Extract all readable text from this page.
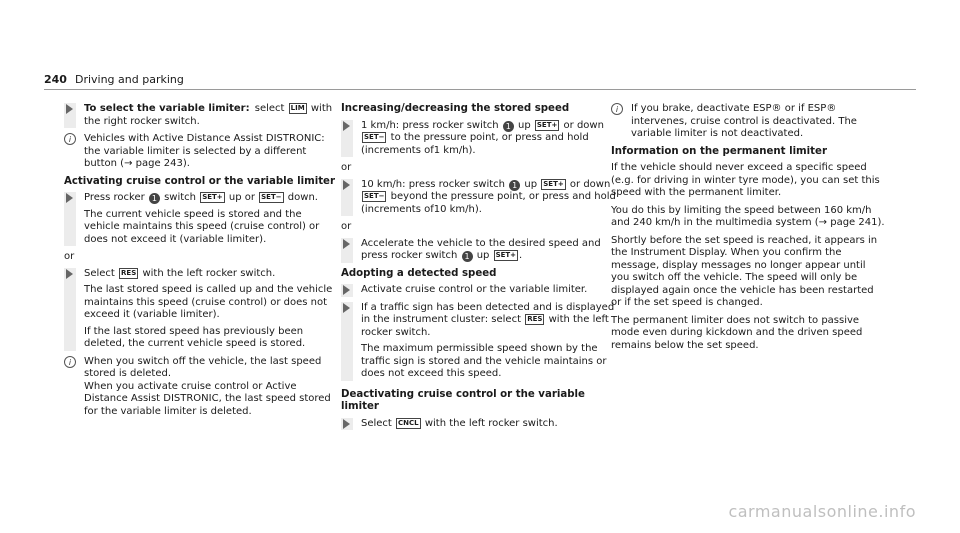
240 Driving and parking
To select the variable limiter: select LIM with the right rocker switch.
i	Vehicles with Active Distance Assist DISTRONIC: the variable limiter is selected by a different button (→ page 243).
Activating cruise control or the variable limiter
Press rocker 1 switch SET+ up or SET− down.
The current vehicle speed is stored and the vehicle maintains this speed (cruise control) or does not exceed it (variable limiter).
or
Select RES with the left rocker switch.
The last stored speed is called up and the vehicle maintains this speed (cruise control) or does not exceed it (variable limiter).
If the last stored speed has previously been deleted, the current vehicle speed is stored.
i	When you switch off the vehicle, the last speed stored is deleted.
When you activate cruise control or Active Distance Assist DISTRONIC, the last speed stored for the variable limiter is deleted.
Increasing/decreasing the stored speed
1 km/h: press rocker switch 1 up SET+ or down SET− to the pressure point, or press and hold (increments of1 km/h).
or
10 km/h: press rocker switch 1 up SET+ or down SET− beyond the pressure point, or press and hold (increments of10 km/h).
or
Accelerate the vehicle to the desired speed and press rocker switch 1 up SET+ .
Adopting a detected speed
Activate cruise control or the variable limiter.
If a traffic sign has been detected and is displayed in the instrument cluster: select RES with the left rocker switch.
The maximum permissible speed shown by the traffic sign is stored and the vehicle maintains or does not exceed this speed.
Deactivating cruise control or the variable limiter
Select CNCL with the left rocker switch.
i	If you brake, deactivate ESP® or if ESP® intervenes, cruise control is deactivated. The variable limiter is not deactivated.
Information on the permanent limiter
If the vehicle should never exceed a specific speed (e.g. for driving in winter tyre mode), you can set this speed with the permanent limiter.
You do this by limiting the speed between 160 km/h and 240 km/h in the multimedia system (→ page 241).
Shortly before the set speed is reached, it appears in the Instrument Display. When you confirm the message, display messages no longer appear until you switch off the vehicle. The speed will only be displayed again once the vehicle has been restarted or if the set speed is changed.
The permanent limiter does not switch to passive mode even during kickdown and the driven speed remains below the set speed.
carmanualsonline.info
